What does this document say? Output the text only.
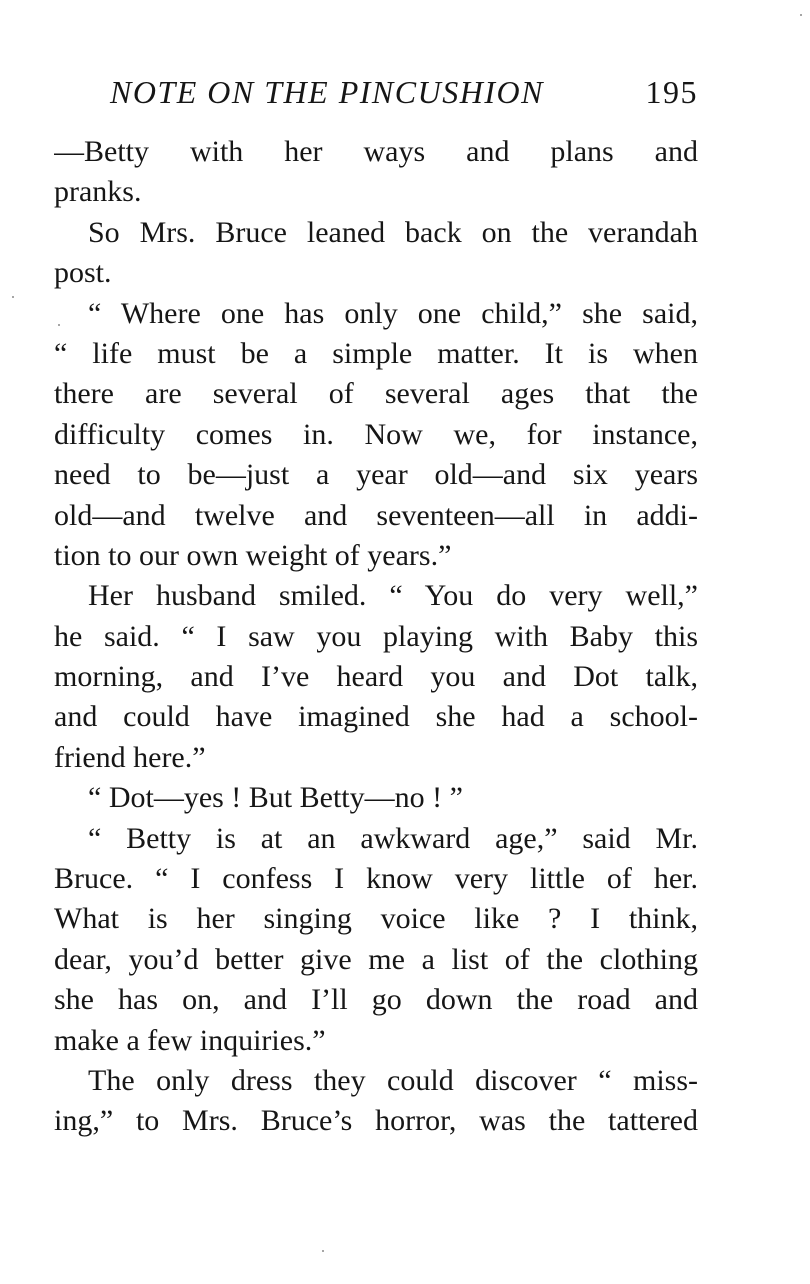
NOTE ON THE PINCUSHION	195
—Betty with her ways and plans and
pranks.
So Mrs. Bruce leaned back on the verandah
post.
“ Where one has only one child,” she said,
“ life must be a simple matter. It is when
there are several of several ages that the
difficulty comes in. Now we, for instance,
need to be—just a year old—and six years
old—and twelve and seventeen—all in addi-
tion to our own weight of years.”
Her husband smiled. “ You do very well,”
he said. “ I saw you playing with Baby this
morning, and I’ve heard you and Dot talk,
and could have imagined she had a school-
friend here.”
“ Dot—yes ! But Betty—no ! ”
“ Betty is at an awkward age,” said Mr.
Bruce. “ I confess I know very little of her.
What is her singing voice like ? I think,
dear, you’d better give me a list of the clothing
she has on, and I’ll go down the road and
make a few inquiries.”
The only dress they could discover “ miss-
ing,” to Mrs. Bruce’s horror, was the tattered
